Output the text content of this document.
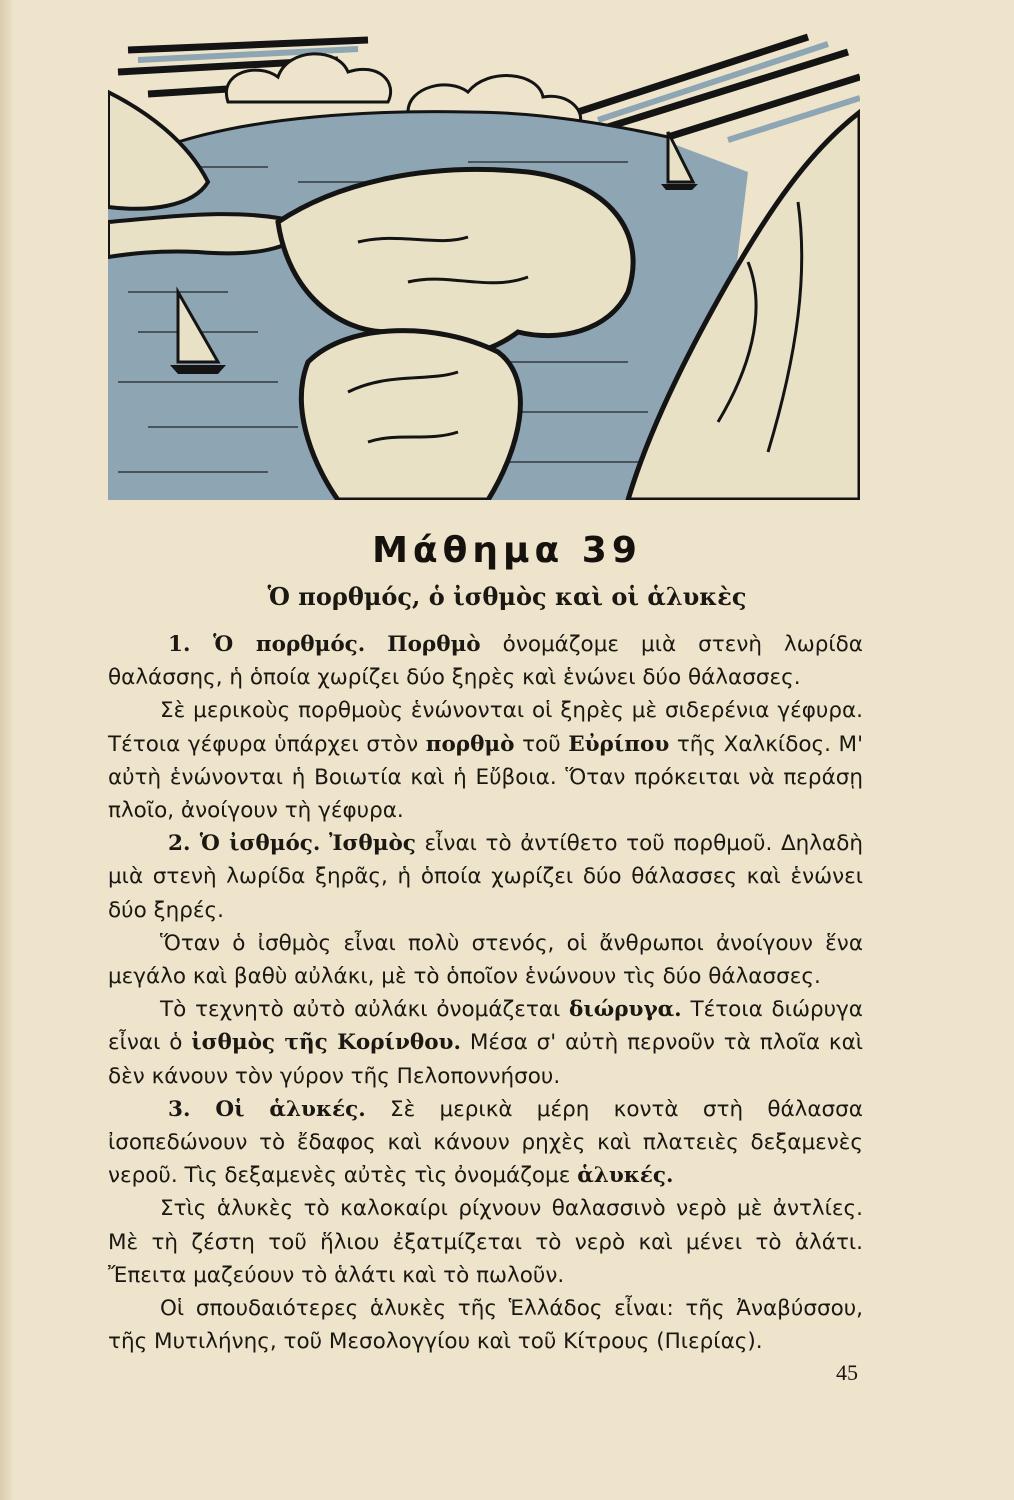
Μάθημα 39
Ὁ πορθμός, ὁ ἰσθμὸς καὶ οἱ ἁλυκὲς

1. Ὁ πορθμός. Πορθμὸ ὀνομάζομε μιὰ στενὴ λωρίδα θαλάσσης, ἡ ὁποία χωρίζει δύο ξηρὲς καὶ ἑνώνει δύο θάλασσες.

Σὲ μερικοὺς πορθμοὺς ἑνώνονται οἱ ξηρὲς μὲ σιδερένια γέφυρα. Τέτοια γέφυρα ὑπάρχει στὸν πορθμὸ τοῦ Εὐρίπου τῆς Χαλκίδος. Μ' αὐτὴ ἑνώνονται ἡ Βοιωτία καὶ ἡ Εὔβοια. Ὅταν πρόκειται νὰ περάσῃ πλοῖο, ἀνοίγουν τὴ γέφυρα.

2. Ὁ ἰσθμός. Ἰσθμὸς εἶναι τὸ ἀντίθετο τοῦ πορθμοῦ. Δηλαδὴ μιὰ στενὴ λωρίδα ξηρᾶς, ἡ ὁποία χωρίζει δύο θάλασσες καὶ ἑνώνει δύο ξηρές.

Ὅταν ὁ ἰσθμὸς εἶναι πολὺ στενός, οἱ ἄνθρωποι ἀνοίγουν ἕνα μεγάλο καὶ βαθὺ αὐλάκι, μὲ τὸ ὁποῖον ἑνώνουν τὶς δύο θάλασσες.

Τὸ τεχνητὸ αὐτὸ αὐλάκι ὀνομάζεται διώρυγα. Τέτοια διώρυγα εἶναι ὁ ἰσθμὸς τῆς Κορίνθου. Μέσα σ' αὐτὴ περνοῦν τὰ πλοῖα καὶ δὲν κάνουν τὸν γύρον τῆς Πελοποννήσου.

3. Οἱ ἁλυκές. Σὲ μερικὰ μέρη κοντὰ στὴ θάλασσα ἰσοπεδώνουν τὸ ἔδαφος καὶ κάνουν ρηχὲς καὶ πλατειὲς δεξαμενὲς νεροῦ. Τὶς δεξαμενὲς αὐτὲς τὶς ὀνομάζομε ἁλυκές.

Στὶς ἁλυκὲς τὸ καλοκαίρι ρίχνουν θαλασσινὸ νερὸ μὲ ἀντλίες. Μὲ τὴ ζέστη τοῦ ἥλιου ἐξατμίζεται τὸ νερὸ καὶ μένει τὸ ἁλάτι. Ἔπειτα μαζεύουν τὸ ἁλάτι καὶ τὸ πωλοῦν.

Οἱ σπουδαιότερες ἁλυκὲς τῆς Ἑλλάδος εἶναι: τῆς Ἀναβύσσου, τῆς Μυτιλήνης, τοῦ Μεσολογγίου καὶ τοῦ Κίτρους (Πιερίας).

45
